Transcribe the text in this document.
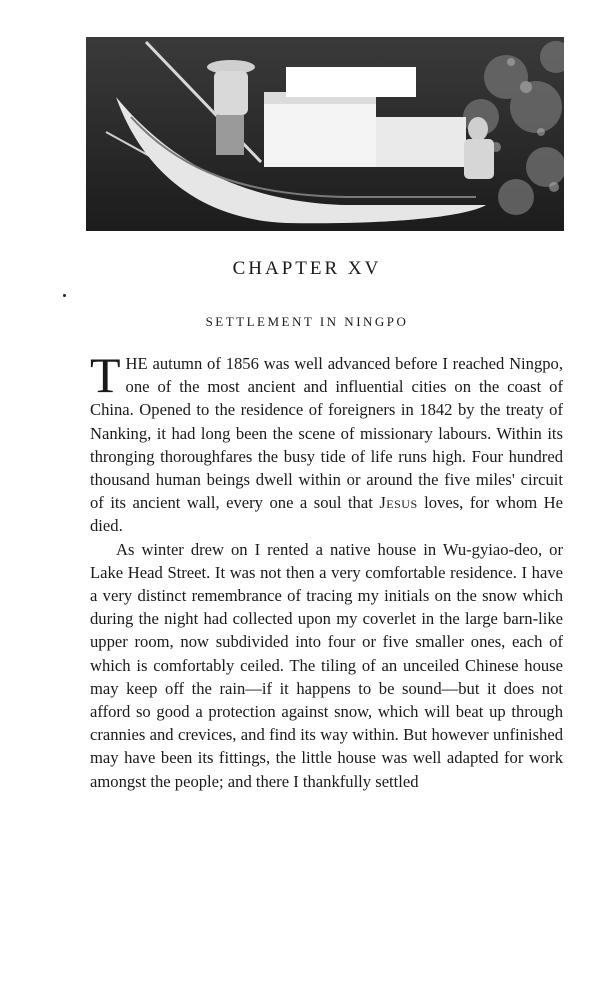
CHAPTER XV
SETTLEMENT IN NINGPO

THE autumn of 1856 was well advanced before I reached Ningpo, one of the most ancient and influential cities on the coast of China. Opened to the residence of foreigners in 1842 by the treaty of Nanking, it had long been the scene of missionary labours. Within its thronging thoroughfares the busy tide of life runs high. Four hundred thousand human beings dwell within or around the five miles' circuit of its ancient wall, every one a soul that Jesus loves, for whom He died.

As winter drew on I rented a native house in Wu-gyiao-deo, or Lake Head Street. It was not then a very comfortable residence. I have a very distinct remembrance of tracing my initials on the snow which during the night had collected upon my coverlet in the large barn-like upper room, now subdivided into four or five smaller ones, each of which is comfortably ceiled. The tiling of an unceiled Chinese house may keep off the rain—if it happens to be sound—but it does not afford so good a protection against snow, which will beat up through crannies and crevices, and find its way within. But however unfinished may have been its fittings, the little house was well adapted for work amongst the people; and there I thankfully settled
